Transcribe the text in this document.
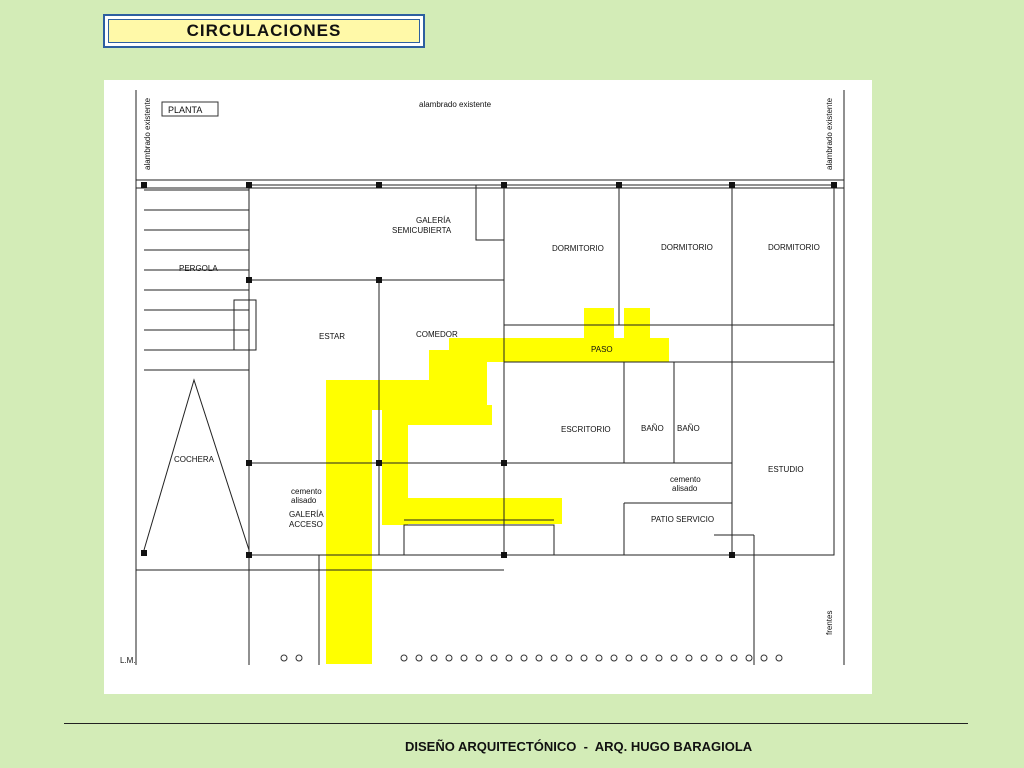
CIRCULACIONES
PLANTA
alambrado existente
alambrado existente	alambrado existente
GALERÍA
SEMICUBIERTA
PERGOLA
DORMITORIO	DORMITORIO	DORMITORIO
ESTAR	COMEDOR
PASO
ESCRITORIO	BAÑO BAÑO
COCHERA
ESTUDIO
cemento
alisado
GALERÍA
ACCESO
cemento
alisado
PATIO SERVICIO
frentes
L.M.
DISEÑO ARQUITECTÓNICO  -  ARQ. HUGO BARAGIOLA
